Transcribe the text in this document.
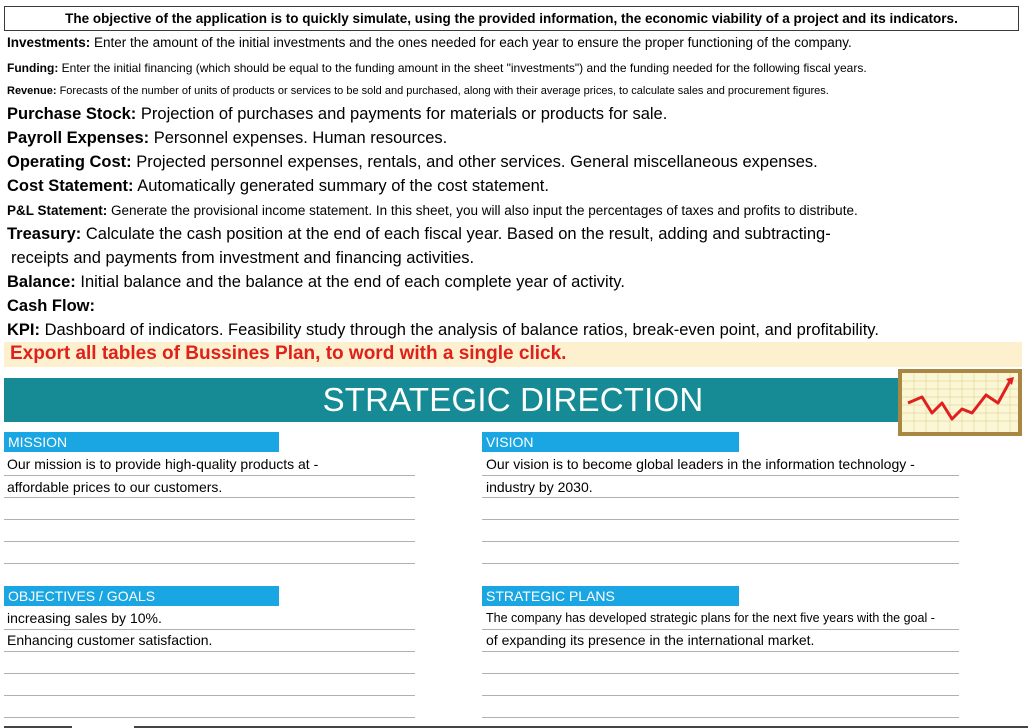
The objective of the application is to quickly simulate, using the provided information, the economic viability of a project and its indicators.
Investments: Enter the amount of the initial investments and the ones needed for each year to ensure the proper functioning of the company.
Funding: Enter the initial financing (which should be equal to the funding amount in the sheet "investments") and the funding needed for the following fiscal years.
Revenue: Forecasts of the number of units of products or services to be sold and purchased, along with their average prices, to calculate sales and procurement figures.
Purchase Stock: Projection of purchases and payments for materials or products for sale.
Payroll Expenses: Personnel expenses. Human resources.
Operating Cost: Projected personnel expenses, rentals, and other services. General miscellaneous expenses.
Cost Statement: Automatically generated summary of the cost statement.
P&L Statement: Generate the provisional income statement. In this sheet, you will also input the percentages of taxes and profits to distribute.
Treasury: Calculate the cash position at the end of each fiscal year. Based on the result, adding and subtracting-
receipts and payments from investment and financing activities.
Balance: Initial balance and the balance at the end of each complete year of activity.
Cash Flow:
KPI: Dashboard of indicators. Feasibility study through the analysis of balance ratios, break-even point, and profitability.
Export all tables of Bussines Plan, to word with a single click.
STRATEGIC DIRECTION
MISSION
Our mission is to provide high-quality products at -
affordable prices to our customers.
VISION
Our vision is to become global leaders in the information technology -
industry by 2030.
OBJECTIVES / GOALS
increasing sales by 10%.
Enhancing customer satisfaction.
STRATEGIC PLANS
The company has developed strategic plans for the next five years with the goal -
of expanding its presence in the international market.
